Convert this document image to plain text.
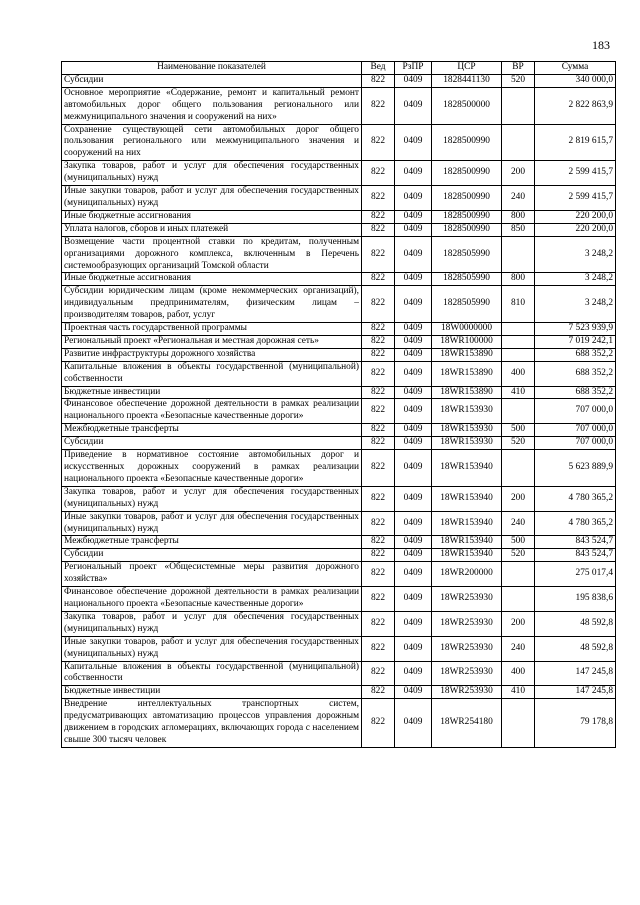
183
Наименование показателей	Вед	РзПР	ЦСР	ВР	Сумма
Субсидии	822	0409	1828441130	520	340 000,0
Основное мероприятие «Содержание, ремонт и капитальный ремонт автомобильных дорог общего пользования регионального или межмуниципального значения и сооружений на них»	822	0409	1828500000		2 822 863,9
Сохранение существующей сети автомобильных дорог общего пользования регионального или межмуниципального значения и сооружений на них	822	0409	1828500990		2 819 615,7
Закупка товаров, работ и услуг для обеспечения государственных (муниципальных) нужд	822	0409	1828500990	200	2 599 415,7
Иные закупки товаров, работ и услуг для обеспечения государственных (муниципальных) нужд	822	0409	1828500990	240	2 599 415,7
Иные бюджетные ассигнования	822	0409	1828500990	800	220 200,0
Уплата налогов, сборов и иных платежей	822	0409	1828500990	850	220 200,0
Возмещение части процентной ставки по кредитам, полученным организациями дорожного комплекса, включенным в Перечень системообразующих организаций Томской области	822	0409	1828505990		3 248,2
Иные бюджетные ассигнования	822	0409	1828505990	800	3 248,2
Субсидии юридическим лицам (кроме некоммерческих организаций), индивидуальным предпринимателям, физическим лицам – производителям товаров, работ, услуг	822	0409	1828505990	810	3 248,2
Проектная часть государственной программы	822	0409	18W0000000		7 523 939,9
Региональный проект «Региональная и местная дорожная сеть»	822	0409	18WR100000		7 019 242,1
Развитие инфраструктуры дорожного хозяйства	822	0409	18WR153890		688 352,2
Капитальные вложения в объекты государственной (муниципальной) собственности	822	0409	18WR153890	400	688 352,2
Бюджетные инвестиции	822	0409	18WR153890	410	688 352,2
Финансовое обеспечение дорожной деятельности в рамках реализации национального проекта «Безопасные качественные дороги»	822	0409	18WR153930		707 000,0
Межбюджетные трансферты	822	0409	18WR153930	500	707 000,0
Субсидии	822	0409	18WR153930	520	707 000,0
Приведение в нормативное состояние автомобильных дорог и искусственных дорожных сооружений в рамках реализации национального проекта «Безопасные качественные дороги»	822	0409	18WR153940		5 623 889,9
Закупка товаров, работ и услуг для обеспечения государственных (муниципальных) нужд	822	0409	18WR153940	200	4 780 365,2
Иные закупки товаров, работ и услуг для обеспечения государственных (муниципальных) нужд	822	0409	18WR153940	240	4 780 365,2
Межбюджетные трансферты	822	0409	18WR153940	500	843 524,7
Субсидии	822	0409	18WR153940	520	843 524,7
Региональный проект «Общесистемные меры развития дорожного хозяйства»	822	0409	18WR200000		275 017,4
Финансовое обеспечение дорожной деятельности в рамках реализации национального проекта «Безопасные качественные дороги»	822	0409	18WR253930		195 838,6
Закупка товаров, работ и услуг для обеспечения государственных (муниципальных) нужд	822	0409	18WR253930	200	48 592,8
Иные закупки товаров, работ и услуг для обеспечения государственных (муниципальных) нужд	822	0409	18WR253930	240	48 592,8
Капитальные вложения в объекты государственной (муниципальной) собственности	822	0409	18WR253930	400	147 245,8
Бюджетные инвестиции	822	0409	18WR253930	410	147 245,8
Внедрение интеллектуальных транспортных систем, предусматривающих автоматизацию процессов управления дорожным движением в городских агломерациях, включающих города с населением свыше 300 тысяч человек	822	0409	18WR254180		79 178,8
